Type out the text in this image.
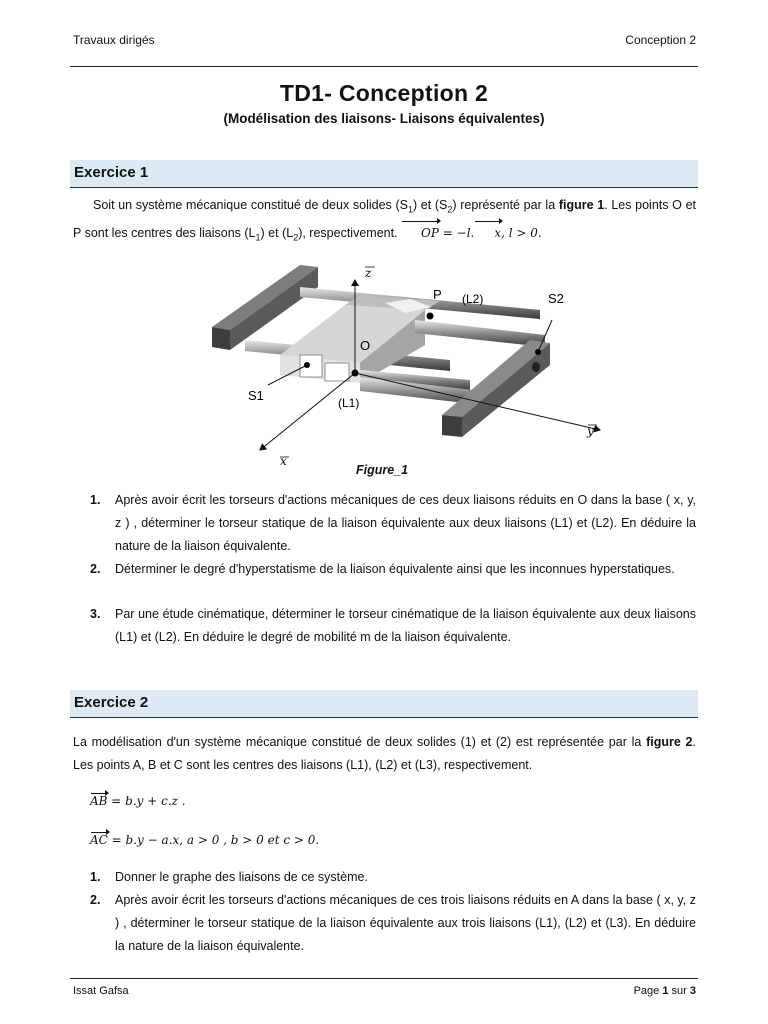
Travaux dirigés	Conception 2
TD1- Conception 2
(Modélisation des liaisons- Liaisons équivalentes)
Exercice 1
Soit un système mécanique constitué de deux solides $(S_1)$ et $(S_2)$ représenté par la figure 1. Les points O et P sont les centres des liaisons $(L_1)$ et $(L_2)$, respectivement. OP = −l. x, l > 0.
z
y
x
O
P (L2)	S2
S1	(L1)
Figure_1
1.	Après avoir écrit les torseurs d'actions mécaniques de ces deux liaisons réduits en O dans la base ( x, y, z ) , déterminer le torseur statique de la liaison équivalente aux deux liaisons (L1) et (L2). En déduire la nature de la liaison équivalente.
2.	Déterminer le degré d'hyperstatisme de la liaison équivalente ainsi que les inconnues hyperstatiques.
3.	Par une étude cinématique, déterminer le torseur cinématique de la liaison équivalente aux deux liaisons (L1) et (L2). En déduire le degré de mobilité m de la liaison équivalente.
Exercice 2
La modélisation d'un système mécanique constitué de deux solides (1) et (2) est représentée par la figure 2. Les points A, B et C sont les centres des liaisons (L1), (L2) et (L3), respectivement.
AB = b.y + c.z .
AC = b.y − a.x, a > 0 , b > 0 et c > 0.
1.	Donner le graphe des liaisons de ce système.
2.	Après avoir écrit les torseurs d'actions mécaniques de ces trois liaisons réduits en A dans la base ( x, y, z ) , déterminer le torseur statique de la liaison équivalente aux trois liaisons (L1), (L2) et (L3). En déduire la nature de la liaison équivalente.
Issat Gafsa	Page 1 sur 3
